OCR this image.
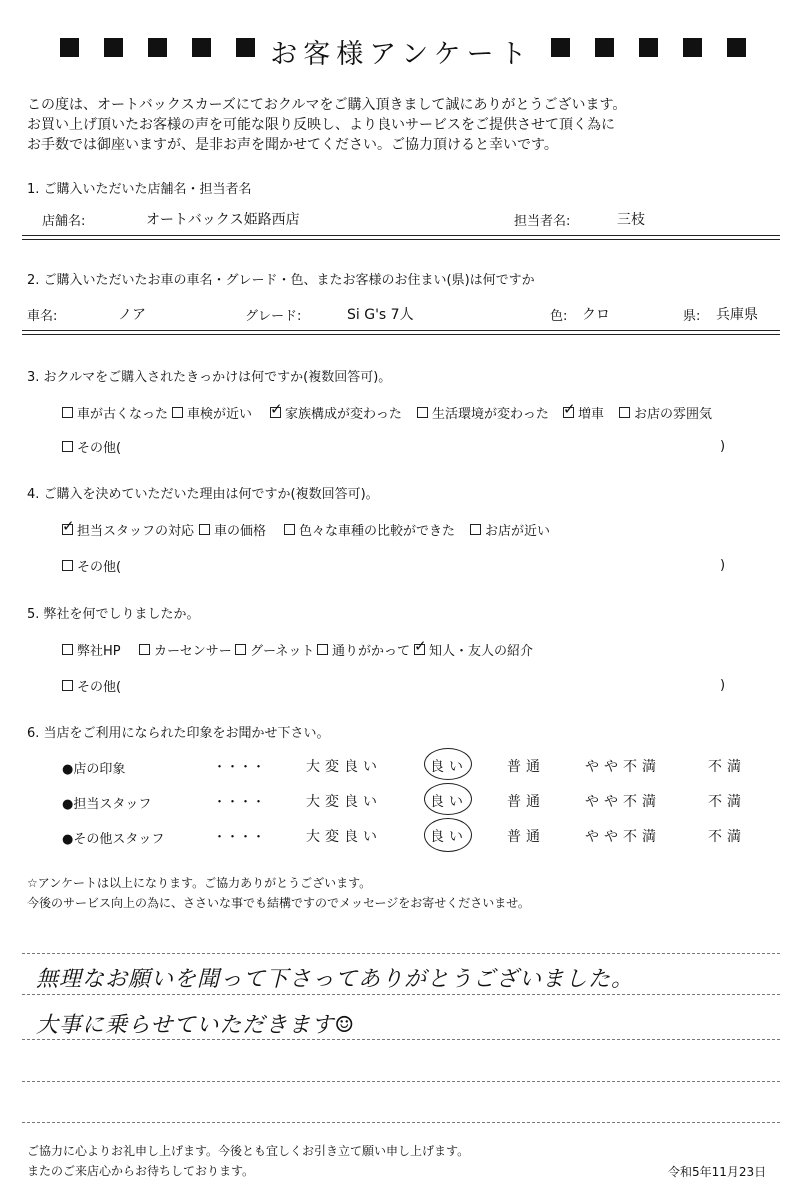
お客様アンケート
この度は、オートバックスカーズにておクルマをご購入頂きまして誠にありがとうございます。
お買い上げ頂いたお客様の声を可能な限り反映し、より良いサービスをご提供させて頂く為に
お手数では御座いますが、是非お声を聞かせてください。ご協力頂けると幸いです。
1. ご購入いただいた店舗名・担当者名
店舗名:	オートバックス姫路西店	担当者名:	三枝
2. ご購入いただいたお車の車名・グレード・色、またお客様のお住まい(県)は何ですか
車名:	ノア	グレード:	Si G's 7人	色: クロ	県: 兵庫県
3. おクルマをご購入されたきっかけは何ですか(複数回答可)。
車が古くなった	車検が近い ✓	家族構成が変わった	生活環境が変わった ✓	増車	お店の雰囲気
その他(	)
4. ご購入を決めていただいた理由は何ですか(複数回答可)。
✓担当スタッフの対応	車の価格	色々な車種の比較ができた	お店が近い
その他(	)
5. 弊社を何でしりましたか。
弊社HP	カーセンサー	グーネット	通りがかって ✓	知人・友人の紹介
その他(	)
6. 当店をご利用になられた印象をお聞かせ下さい。
●店の印象	・・・・	大変良い	良い	普通	やや不満	不満
●担当スタッフ	・・・・	大変良い	良い	普通	やや不満	不満
●その他スタッフ	・・・・	大変良い	良い	普通	やや不満	不満
☆アンケートは以上になります。ご協力ありがとうございます。
今後のサービス向上の為に、ささいな事でも結構ですのでメッセージをお寄せくださいませ。
無理なお願いを聞って下さってありがとうございました。
大事に乗らせていただきます☺
ご協力に心よりお礼申し上げます。今後とも宜しくお引き立て願い申し上げます。
またのご来店心からお待ちしております。	令和5年11月23日
